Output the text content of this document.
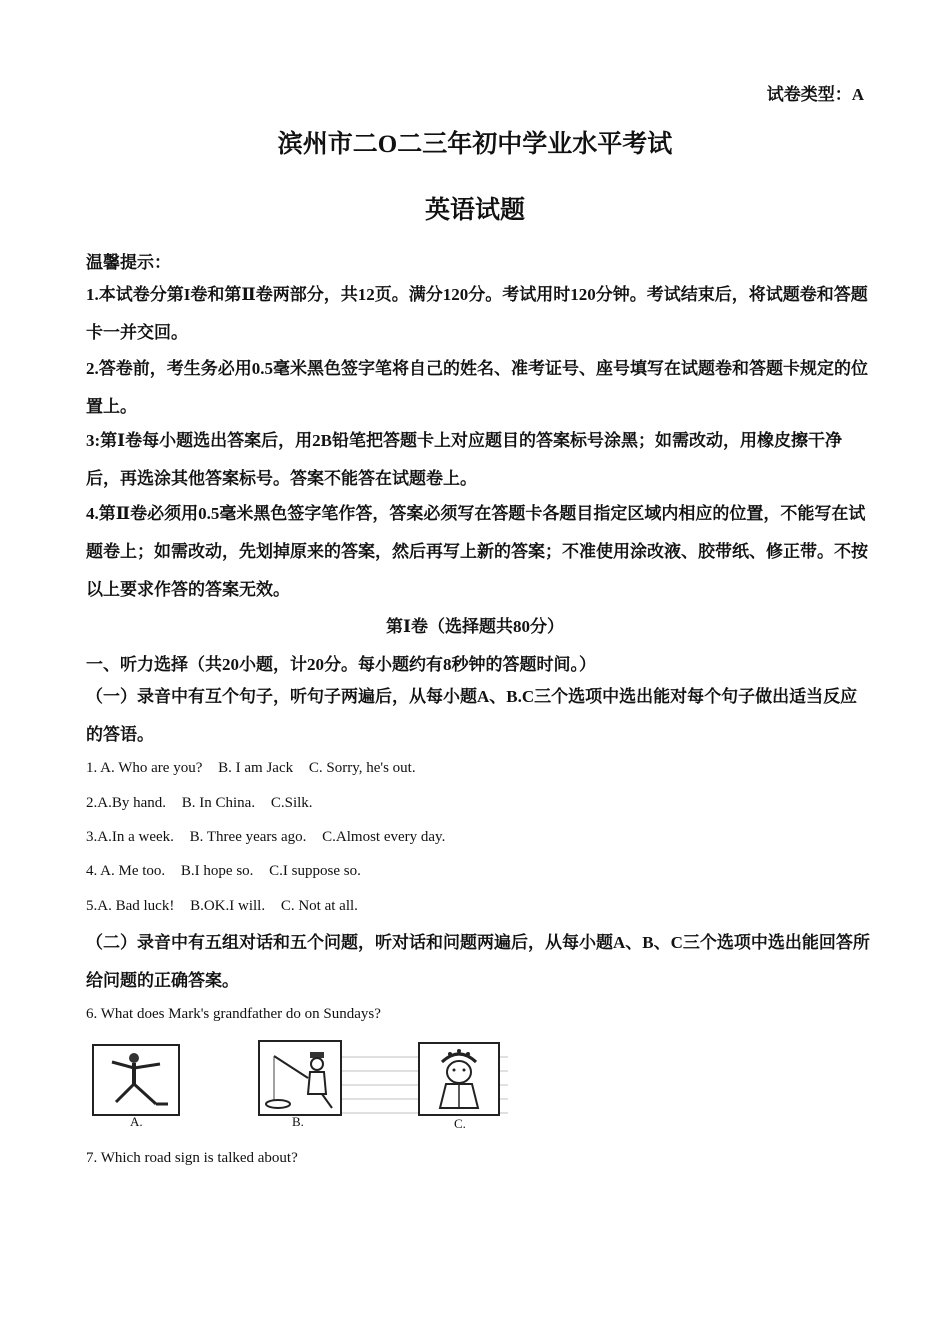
试卷类型：A
滨州市二O二三年初中学业水平考试
英语试题
温馨提示：
1.本试卷分第I卷和第Ⅱ卷两部分，共12页。满分120分。考试用时120分钟。考试结束后，将试题卷和答题卡一并交回。
2.答卷前，考生务必用0.5毫米黑色签字笔将自己的姓名、准考证号、座号填写在试题卷和答题卡规定的位置上。
3:第Ⅰ卷每小题选出答案后，用2B铅笔把答题卡上对应题目的答案标号涂黑；如需改动，用橡皮擦干净后，再选涂其他答案标号。答案不能答在试题卷上。
4.第Ⅱ卷必须用0.5毫米黑色签字笔作答，答案必须写在答题卡各题目指定区域内相应的位置，不能写在试题卷上；如需改动，先划掉原来的答案，然后再写上新的答案；不准使用涂改液、胶带纸、修正带。不按以上要求作答的答案无效。
第Ⅰ卷（选择题共80分）
一、听力选择（共20小题，计20分。每小题约有8秒钟的答题时间。）
（一）录音中有互个句子，听句子两遍后，从每小题A、B.C三个选项中选出能对每个句子做出适当反应的答语。
1. A. Who are you? B. I am Jack C. Sorry, he's out.
2.A.By hand. B. In China. C.Silk.
3.A.In a week. B. Three years ago. C.Almost every day.
4. A. Me too. B.I hope so. C.I suppose so.
5.A. Bad luck! B.OK.I will. C. Not at all.
（二）录音中有五组对话和五个问题，听对话和问题两遍后，从每小题A、B、C三个选项中选出能回答所给问题的正确答案。
6. What does Mark's grandfather do on Sundays?
A.	B.	C.
7. Which road sign is talked about?
